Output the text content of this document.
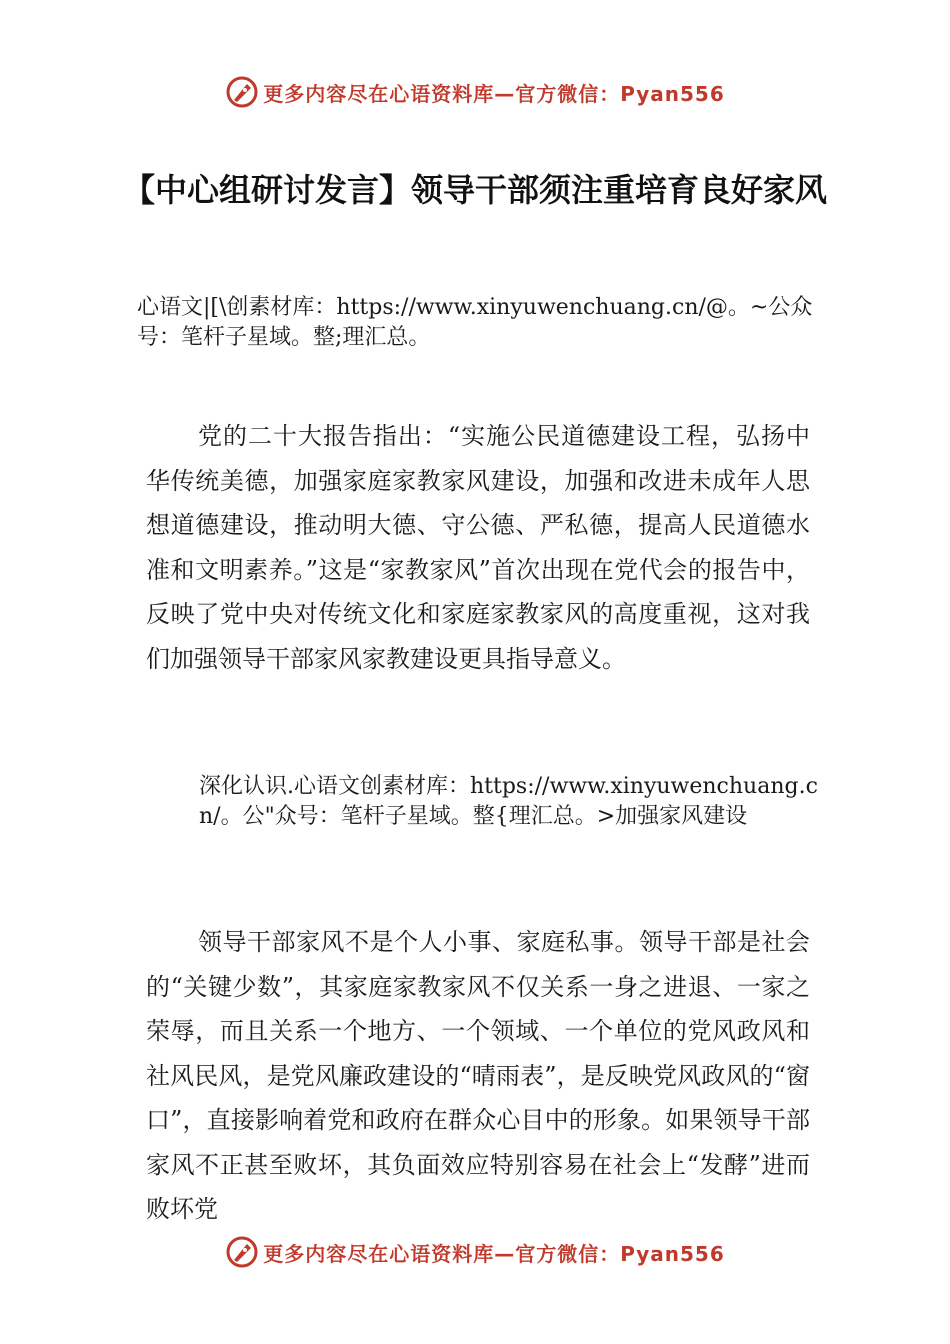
更多内容尽在心语资料库—官方微信：Pyan556
【中心组研讨发言】领导干部须注重培育良好家风

心语文|[\创素材库：https://www.xinyuwenchuang.cn/@。~公众号：笔杆子星域。整;理汇总。

党的二十大报告指出：“实施公民道德建设工程，弘扬中华传统美德，加强家庭家教家风建设，加强和改进未成年人思想道德建设，推动明大德、守公德、严私德，提高人民道德水准和文明素养。”这是“家教家风”首次出现在党代会的报告中，反映了党中央对传统文化和家庭家教家风的高度重视，这对我们加强领导干部家风家教建设更具指导意义。

深化认识.心语文创素材库：https://www.xinyuwenchuang.cn/。公"众号：笔杆子星域。整{理汇总。>加强家风建设

领导干部家风不是个人小事、家庭私事。领导干部是社会的“关键少数”，其家庭家教家风不仅关系一身之进退、一家之荣辱，而且关系一个地方、一个领域、一个单位的党风政风和社风民风，是党风廉政建设的“晴雨表”，是反映党风政风的“窗口”，直接影响着党和政府在群众心目中的形象。如果领导干部家风不正甚至败坏，其负面效应特别容易在社会上“发酵”进而败坏党

更多内容尽在心语资料库—官方微信：Pyan556
